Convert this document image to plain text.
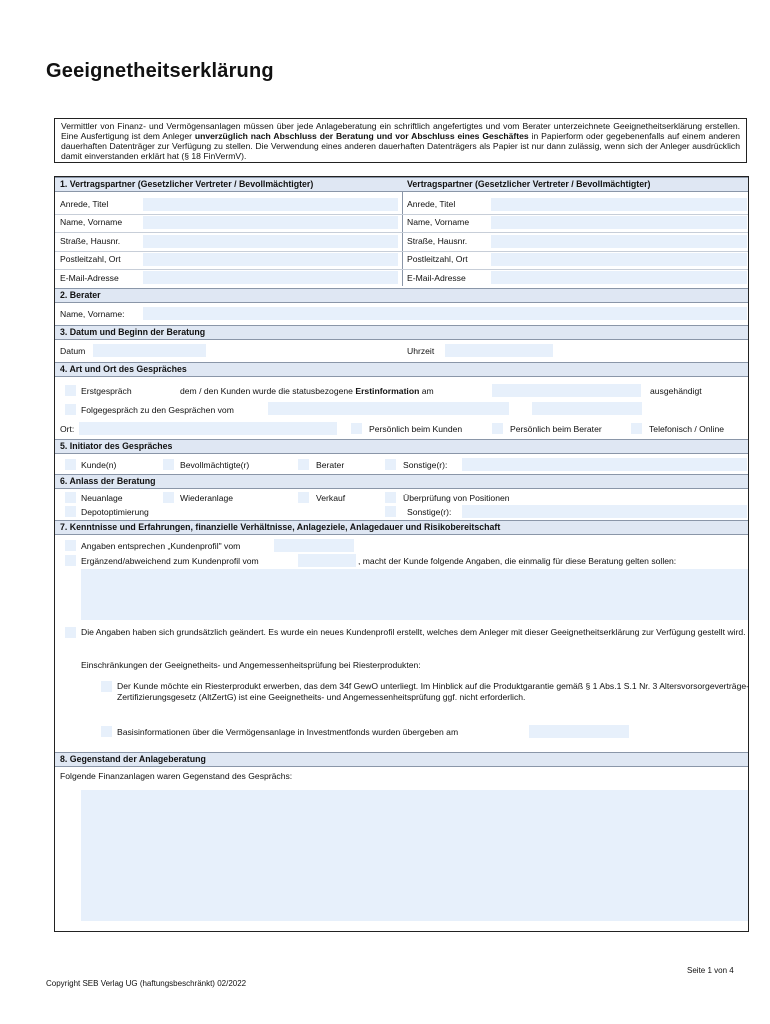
Geeignetheitserklärung
Vermittler von Finanz- und Vermögensanlagen müssen über jede Anlageberatung ein schriftlich angefertigtes und vom Berater unterzeichnete Geeignetheitserklärung erstellen. Eine Ausfertigung ist dem Anleger unverzüglich nach Abschluss der Beratung und vor Abschluss eines Geschäftes in Papierform oder gegebenenfalls auf einem anderen dauerhaften Datenträger zur Verfügung zu stellen. Die Verwendung eines anderen dauerhaften Datenträgers als Papier ist nur dann zulässig, wenn sich der Anleger ausdrücklich damit einverstanden erklärt hat (§ 18 FinVermV).
1. Vertragspartner (Gesetzlicher Vertreter / Bevollmächtigter)	Vertragspartner (Gesetzlicher Vertreter / Bevollmächtigter)
Anrede, Titel	Anrede, Titel
Name, Vorname	Name, Vorname
Straße, Hausnr.	Straße, Hausnr.
Postleitzahl, Ort	Postleitzahl, Ort
E-Mail-Adresse	E-Mail-Adresse
2. Berater
Name, Vorname:
3. Datum und Beginn der Beratung
Datum	Uhrzeit
4. Art und Ort des Gespräches
Erstgespräch	dem / den Kunden wurde die statusbezogene Erstinformation am	ausgehändigt
Folgegespräch zu den Gesprächen vom
Ort:	Persönlich beim Kunden	Persönlich beim Berater	Telefonisch / Online
5. Initiator des Gespräches
Kunde(n)	Bevollmächtigte(r)	Berater	Sonstige(r):
6. Anlass der Beratung
Neuanlage	Wiederanlage	Verkauf	Überprüfung von Positionen
Depotoptimierung	Sonstige(r):
7. Kenntnisse und Erfahrungen, finanzielle Verhältnisse, Anlageziele, Anlagedauer und Risikobereitschaft
Angaben entsprechen „Kundenprofil" vom
Ergänzend/abweichend zum Kundenprofil vom	, macht der Kunde folgende Angaben, die einmalig für diese Beratung gelten sollen:
Die Angaben haben sich grundsätzlich geändert. Es wurde ein neues Kundenprofil erstellt, welches dem Anleger mit dieser Geeignetheitserklärung zur Verfügung gestellt wird.
Einschränkungen der Geeignetheits- und Angemessenheitsprüfung bei Riesterprodukten:
Der Kunde möchte ein Riesterprodukt erwerben, das dem 34f GewO unterliegt. Im Hinblick auf die Produktgarantie gemäß § 1 Abs.1 S.1 Nr. 3 Altersvorsorgeverträge-Zertifizierungsgesetz (AltZertG) ist eine Geeignetheits- und Angemessenheitsprüfung ggf. nicht erforderlich.
Basisinformationen über die Vermögensanlage in Investmentfonds wurden übergeben am
8. Gegenstand der Anlageberatung
Folgende Finanzanlagen waren Gegenstand des Gesprächs:
Seite 1 von 4
Copyright SEB Verlag UG (haftungsbeschränkt) 02/2022
